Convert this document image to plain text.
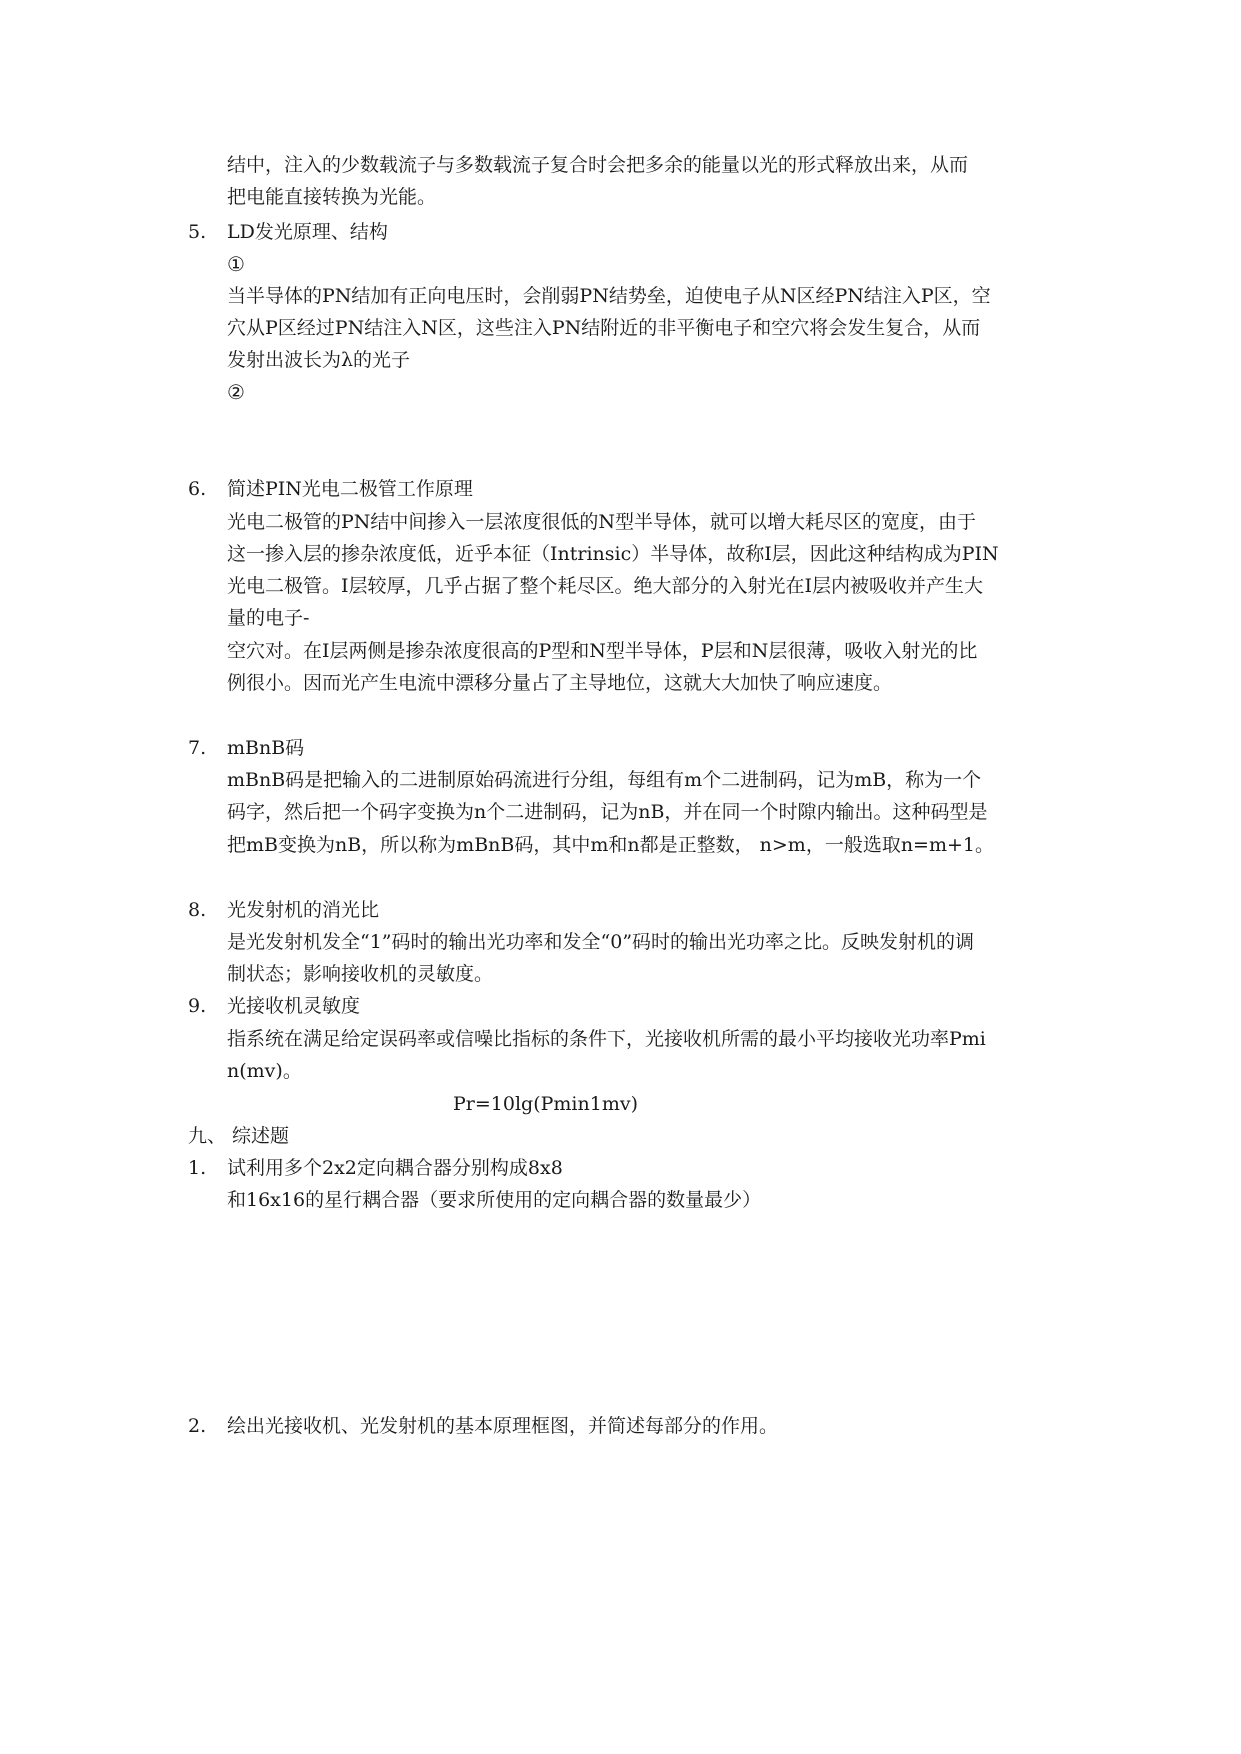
结中，注入的少数载流子与多数载流子复合时会把多余的能量以光的形式释放出来，从而
把电能直接转换为光能。
5. LD发光原理、结构
①
当半导体的PN结加有正向电压时，会削弱PN结势垒，迫使电子从N区经PN结注入P区，空
穴从P区经过PN结注入N区，这些注入PN结附近的非平衡电子和空穴将会发生复合，从而
发射出波长为λ的光子
②
6. 简述PIN光电二极管工作原理
光电二极管的PN结中间掺入一层浓度很低的N型半导体，就可以增大耗尽区的宽度，由于
这一掺入层的掺杂浓度低，近乎本征（Intrinsic）半导体，故称I层，因此这种结构成为PIN
光电二极管。I层较厚，几乎占据了整个耗尽区。绝大部分的入射光在I层内被吸收并产生大
量的电子-
空穴对。在I层两侧是掺杂浓度很高的P型和N型半导体，P层和N层很薄，吸收入射光的比
例很小。因而光产生电流中漂移分量占了主导地位，这就大大加快了响应速度。
7. mBnB码
mBnB码是把输入的二进制原始码流进行分组，每组有m个二进制码，记为mB，称为一个
码字，然后把一个码字变换为n个二进制码，记为nB，并在同一个时隙内输出。这种码型是
把mB变换为nB，所以称为mBnB码，其中m和n都是正整数， n>m，一般选取n=m+1。
8. 光发射机的消光比
是光发射机发全“1”码时的输出光功率和发全“0”码时的输出光功率之比。反映发射机的调
制状态；影响接收机的灵敏度。
9. 光接收机灵敏度
指系统在满足给定误码率或信噪比指标的条件下，光接收机所需的最小平均接收光功率Pmi
n(mv)。
Pr=10lg⁡(Pmin1mv)
九、 综述题
1. 试利用多个2x2定向耦合器分别构成8x8
和16x16的星行耦合器（要求所使用的定向耦合器的数量最少）
2. 绘出光接收机、光发射机的基本原理框图，并简述每部分的作用。
